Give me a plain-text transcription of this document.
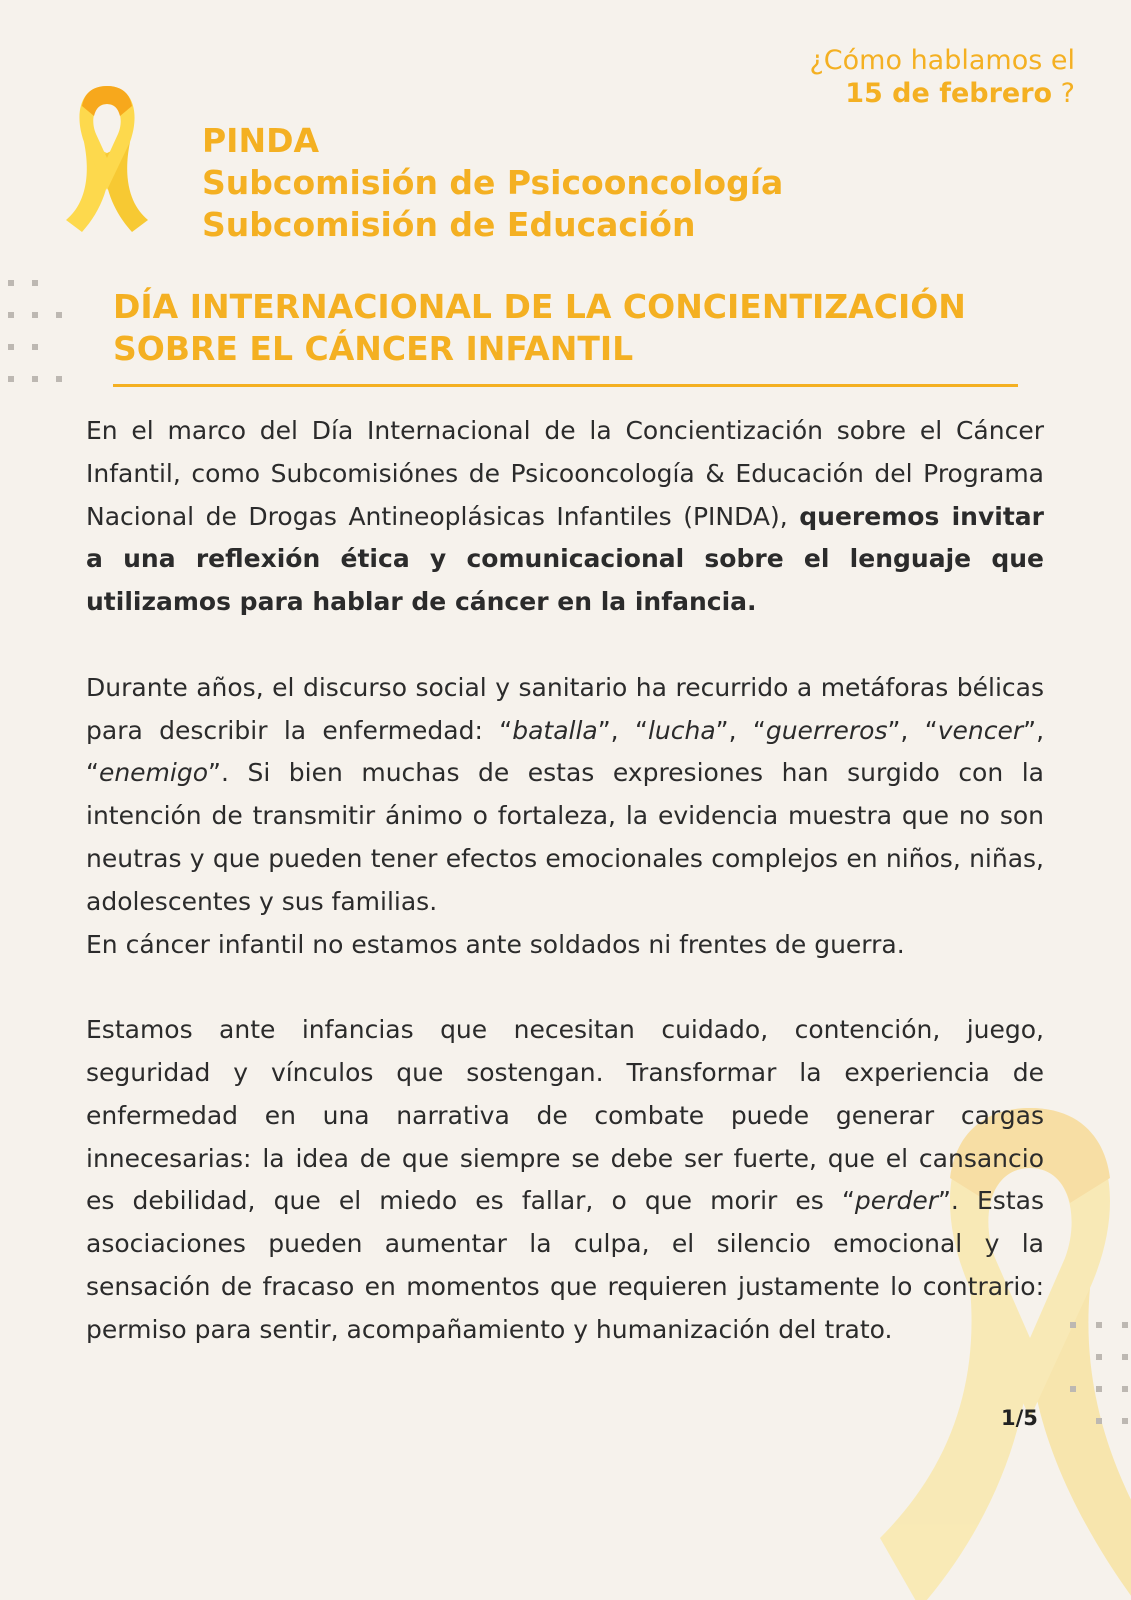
¿Cómo hablamos el
15 de febrero ?
PINDA
Subcomisión de Psicooncología
Subcomisión de Educación
DÍA INTERNACIONAL DE LA CONCIENTIZACIÓN
SOBRE EL CÁNCER INFANTIL

En el marco del Día Internacional de la Concientización sobre el Cáncer Infantil, como Subcomisiónes de Psicooncología & Educación del Programa Nacional de Drogas Antineoplásicas Infantiles (PINDA), queremos invitar a una reflexión ética y comunicacional sobre el lenguaje que utilizamos para hablar de cáncer en la infancia.

Durante años, el discurso social y sanitario ha recurrido a metáforas bélicas para describir la enfermedad: “batalla”, “lucha”, “guerreros”, “vencer”, “enemigo”. Si bien muchas de estas expresiones han surgido con la intención de transmitir ánimo o fortaleza, la evidencia muestra que no son neutras y que pueden tener efectos emocionales complejos en niños, niñas, adolescentes y sus familias.

En cáncer infantil no estamos ante soldados ni frentes de guerra.

Estamos ante infancias que necesitan cuidado, contención, juego, seguridad y vínculos que sostengan. Transformar la experiencia de enfermedad en una narrativa de combate puede generar cargas innecesarias: la idea de que siempre se debe ser fuerte, que el cansancio es debilidad, que el miedo es fallar, o que morir es “perder”. Estas asociaciones pueden aumentar la culpa, el silencio emocional y la sensación de fracaso en momentos que requieren justamente lo contrario: permiso para sentir, acompañamiento y humanización del trato.

1/5
